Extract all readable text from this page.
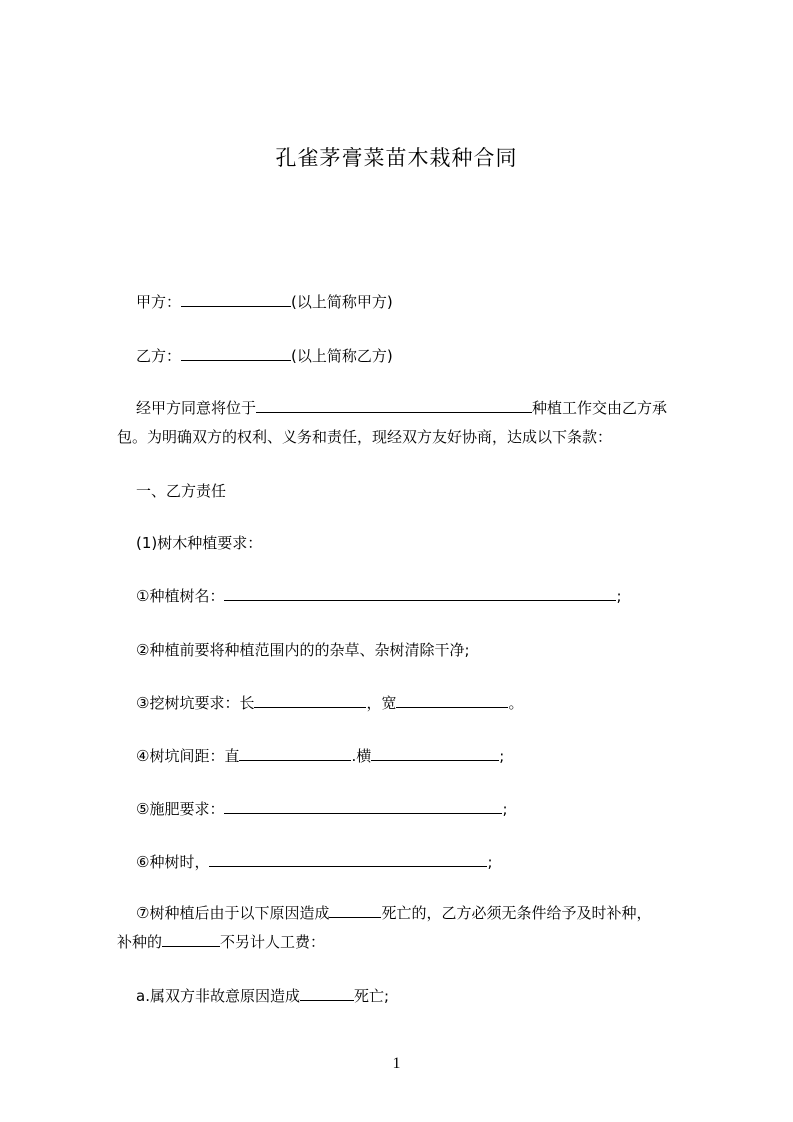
孔雀茅膏菜苗木栽种合同
甲方：	(以上简称甲方)
乙方：	(以上简称乙方)
经甲方同意将位于	种植工作交由乙方承
包。为明确双方的权利、义务和责任，现经双方友好协商，达成以下条款：
一、乙方责任
(1)树木种植要求：
①种植树名：	;
②种植前要将种植范围内的的杂草、杂树清除干净;
③挖树坑要求：长	，宽	。
④树坑间距：直	.横	;
⑤施肥要求：	;
⑥种树时，	;
⑦树种植后由于以下原因造成	死亡的，乙方必须无条件给予及时补种，
补种的	不另计人工费：
a.属双方非故意原因造成	死亡;
1
